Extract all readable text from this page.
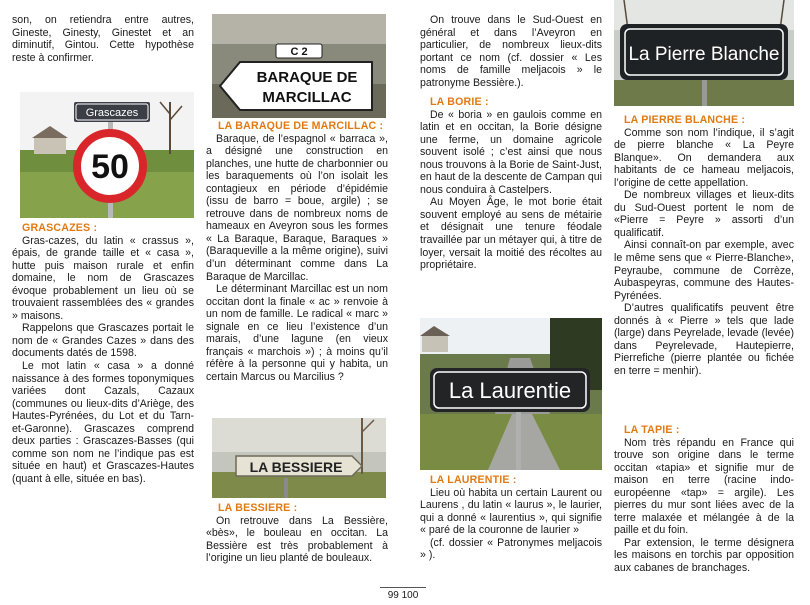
son, on retiendra entre autres, Gineste, Ginesty, Ginestet et an diminutif, Gintou. Cette hypothèse reste à confirmer.

Grascazes
50

GRASCAZES :

Gras-cazes, du latin « crassus », épais, de grande taille et « casa », hutte puis maison rurale et enfin domaine, le nom de Grascazes évoque probablement un lieu où se trouvaient rassemblées des « grandes » maisons.

Rappelons que Grascazes portait le nom de « Grandes Cazes » dans des documents datés de 1598.

Le mot latin « casa » a donné naissance à des formes toponymiques variées dont Cazals, Cazaux (communes ou lieux-dits d’Ariège, des Hautes-Pyrénées, du Lot et du Tarn-et-Garonne). Grascazes comprend deux parties : Grascazes-Basses (qui comme son nom ne l’indique pas est située en haut) et Grascazes-Hautes (quant à elle, située en bas).

C 2
BARAQUE DE
MARCILLAC

LA BARAQUE DE MARCILLAC :

Baraque, de l’espagnol « barraca », a désigné une construction en planches, une hutte de charbonnier ou les baraquements où l’on isolait les contagieux en période d’épidémie (issu de barro = boue, argile) ; se retrouve dans de nombreux noms de hameaux en Aveyron sous les formes « La Baraque, Baraque, Baraques » (Baraqueville a la même origine), suivi d’un déterminant comme dans La Baraque de Marcillac.

Le déterminant Marcillac est un nom occitan dont la finale « ac » renvoie à un nom de famille. Le radical « marc » signale en ce lieu l’existence d’un marais, d’une lagune (en vieux français « marchois ») ; à moins qu’il réfère à la personne qui y habita, un certain Marcus ou Marcilius ?

LA BESSIERE

LA BESSIERE :

On retrouve dans La Bessière, «bès», le bouleau en occitan. La Bessière est très probablement à l’origine un lieu planté de bouleaux.

On trouve dans le Sud-Ouest en général et dans l’Aveyron en particulier, de nombreux lieux-dits portant ce nom (cf. dossier « Les noms de famille meljacois » le patronyme Bessière.).

LA BORIE :

De « boria » en gaulois comme en latin et en occitan, la Borie désigne une ferme, un domaine agricole souvent isolé ; c’est ainsi que nous nous trouvons à la Borie de Saint-Just, en haut de la descente de Campan qui nous conduira à Castelpers.

Au Moyen Âge, le mot borie était souvent employé au sens de métairie et désignait une tenure féodale travaillée par un métayer qui, à titre de loyer, versait la moitié des récoltes au propriétaire.

La Laurentie

LA LAURENTIE :

Lieu où habita un certain Laurent ou Laurens , du latin « laurus », le laurier, qui a donné « laurentius », qui signifie « paré de la couronne de laurier »

(cf. dossier « Patronymes meljacois » ).

La Pierre Blanche

LA PIERRE BLANCHE :

Comme son nom l’indique, il s’agit de pierre blanche « La Peyre Blanque». On demandera aux habitants de ce hameau meljacois, l’origine de cette appellation.

De nombreux villages et lieux-dits du Sud-Ouest portent le nom de «Pierre = Peyre » assorti d’un qualificatif.

Ainsi connaît-on par exemple, avec le même sens que « Pierre-Blanche», Peyraube, commune de Corrèze, Aubaspeyras, commune des Hautes-Pyrénées.

D’autres qualificatifs peuvent être donnés à « Pierre » tels que lade (large) dans Peyrelade, levade (levée) dans Peyrelevade, Hautepierre, Pierrefiche (pierre plantée ou fichée en terre = menhir).

LA TAPIE :

Nom très répandu en France qui trouve son origine dans le terme occitan «tapia» et signifie mur de maison en terre (racine indo-européenne «tap» = argile). Les pierres du mur sont liées avec de la terre malaxée et mélangée à de la paille et du foin.

Par extension, le terme désignera les maisons en torchis par opposition aux cabanes de branchages.

99 100
